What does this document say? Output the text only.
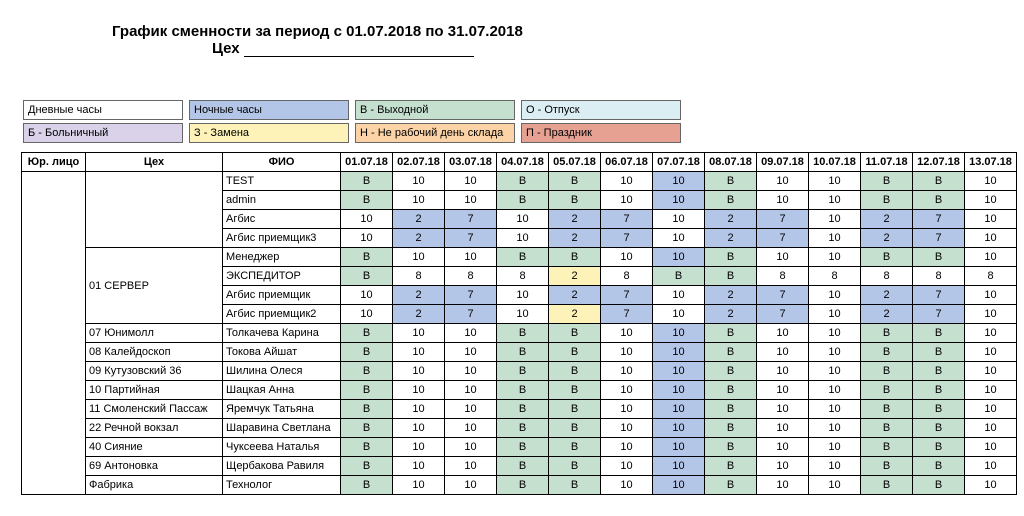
График сменности за период с 01.07.2018 по 31.07.2018
Цех
Дневные часы	Ночные часы	В - Выходной	О - Отпуск
Б - Больничный	З - Замена	Н - Не рабочий день склада	П - Праздник
Юр. лицо	Цех	ФИО	01.07.18	02.07.18	03.07.18	04.07.18	05.07.18	06.07.18	07.07.18	08.07.18	09.07.18	10.07.18	11.07.18	12.07.18	13.07.18
		TEST	В	10	10	В	В	10	10	В	10	10	В	В	10
		admin	В	10	10	В	В	10	10	В	10	10	В	В	10
		Агбис	10	2	7	10	2	7	10	2	7	10	2	7	10
		Агбис приемщик3	10	2	7	10	2	7	10	2	7	10	2	7	10
	01 СЕРВЕР	Менеджер	В	10	10	В	В	10	10	В	10	10	В	В	10
		ЭКСПЕДИТОР	В	8	8	8	2	8	В	В	8	8	8	8	8
		Агбис приемщик	10	2	7	10	2	7	10	2	7	10	2	7	10
		Агбис приемщик2	10	2	7	10	2	7	10	2	7	10	2	7	10
	07 Юнимолл	Толкачева Карина	В	10	10	В	В	10	10	В	10	10	В	В	10
	08 Калейдоскоп	Токова Айшат	В	10	10	В	В	10	10	В	10	10	В	В	10
	09 Кутузовский 36	Шилина Олеся	В	10	10	В	В	10	10	В	10	10	В	В	10
	10 Партийная	Шацкая Анна	В	10	10	В	В	10	10	В	10	10	В	В	10
	11 Смоленский Пассаж	Яремчук Татьяна	В	10	10	В	В	10	10	В	10	10	В	В	10
	22 Речной вокзал	Шаравина Светлана	В	10	10	В	В	10	10	В	10	10	В	В	10
	40 Сияние	Чуксеева Наталья	В	10	10	В	В	10	10	В	10	10	В	В	10
	69 Антоновка	Щербакова Равиля	В	10	10	В	В	10	10	В	10	10	В	В	10
	Фабрика	Технолог	В	10	10	В	В	10	10	В	10	10	В	В	10
